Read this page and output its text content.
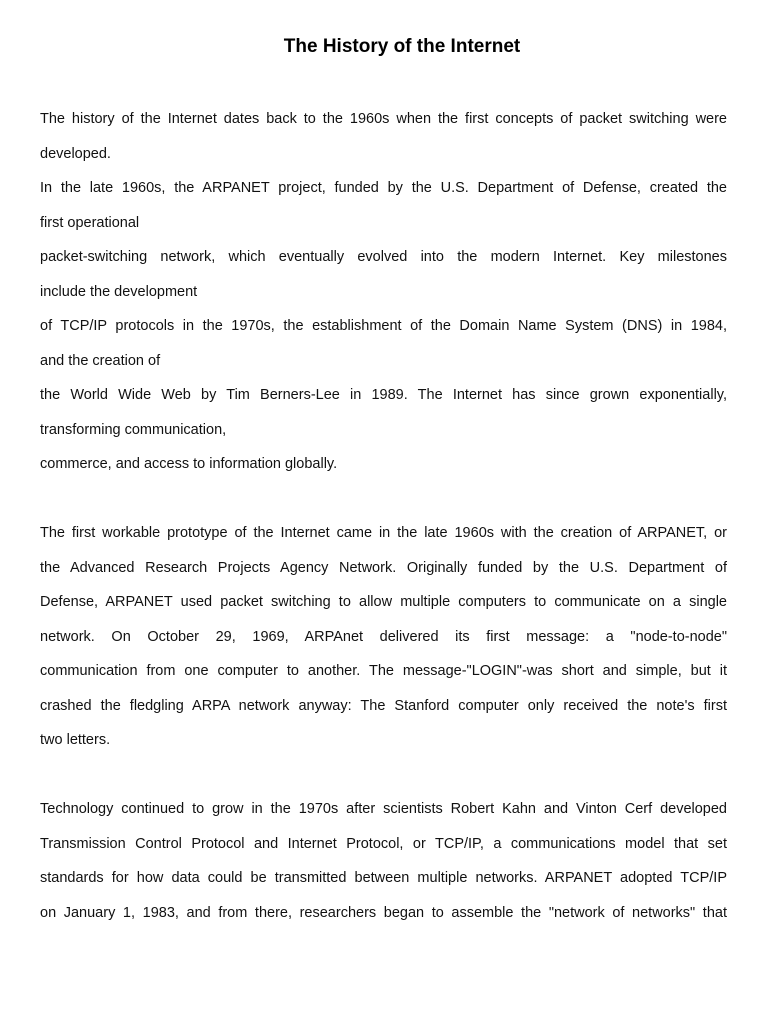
The History of the Internet
The history of the Internet dates back to the 1960s when the first concepts of packet switching were
developed.
In the late 1960s, the ARPANET project, funded by the U.S. Department of Defense, created the
first operational
packet-switching network, which eventually evolved into the modern Internet. Key milestones
include the development
of TCP/IP protocols in the 1970s, the establishment of the Domain Name System (DNS) in 1984,
and the creation of
the World Wide Web by Tim Berners-Lee in 1989. The Internet has since grown exponentially,
transforming communication,
commerce, and access to information globally.
The first workable prototype of the Internet came in the late 1960s with the creation of ARPANET, or
the Advanced Research Projects Agency Network. Originally funded by the U.S. Department of
Defense, ARPANET used packet switching to allow multiple computers to communicate on a single
network. On October 29, 1969, ARPAnet delivered its first message: a "node-to-node"
communication from one computer to another. The message-"LOGIN"-was short and simple, but it
crashed the fledgling ARPA network anyway: The Stanford computer only received the note's first
two letters.
Technology continued to grow in the 1970s after scientists Robert Kahn and Vinton Cerf developed
Transmission Control Protocol and Internet Protocol, or TCP/IP, a communications model that set
standards for how data could be transmitted between multiple networks. ARPANET adopted TCP/IP
on January 1, 1983, and from there, researchers began to assemble the "network of networks" that
